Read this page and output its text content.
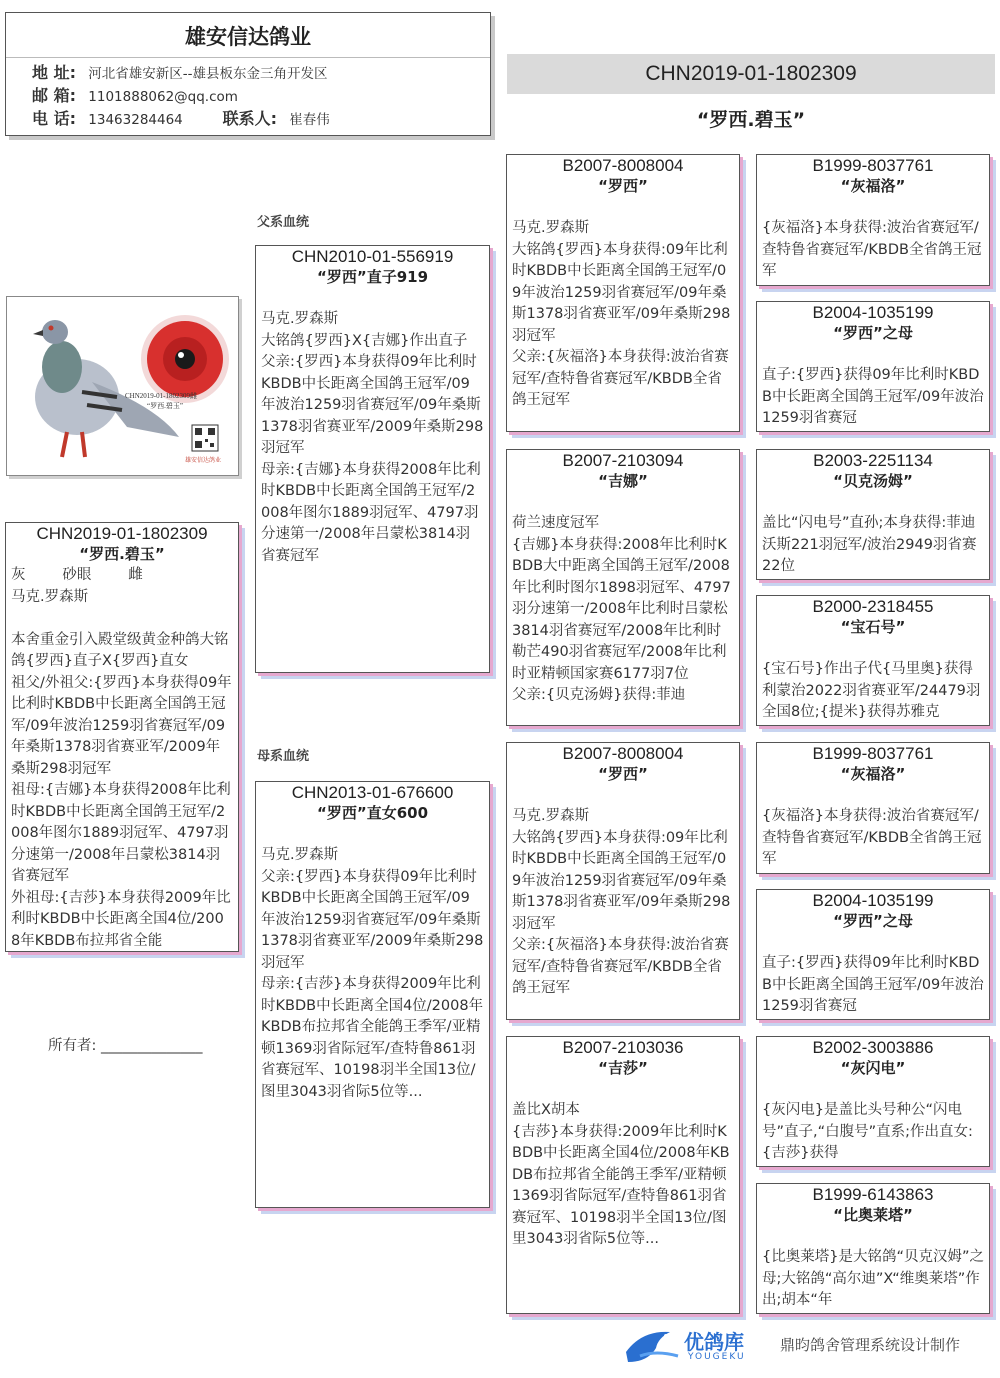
雄安信达鸽业
地 址: 河北省雄安新区--雄县板东金三角开发区
邮 箱: 1101888062@qq.com
电 话: 13463284464 联系人: 崔春伟
CHN2019-01-1802309
“罗西.碧玉”
父系血统
母系血统
CHN2019-01-1802309雌
“罗西.碧玉”
雄安信达鸽业
CHN2019-01-1802309
“罗西.碧玉”
灰        砂眼        雌
马克.罗森斯

本舍重金引入殿堂级黄金种鸽大铭鸽{罗西}直子X{罗西}直女
祖父/外祖父:{罗西}本身获得09年比利时KBDB中长距离全国鸽王冠军/09年波治1259羽省赛冠军/09年桑斯1378羽省赛亚军/2009年桑斯298羽冠军
祖母:{吉娜}本身获得2008年比利时KBDB中长距离全国鸽王冠军/2008年图尔1889羽冠军、4797羽分速第一/2008年吕蒙松3814羽省赛冠军
外祖母:{吉莎}本身获得2009年比利时KBDB中长距离全国4位/2008年KBDB布拉邦省全能
所有者: ______________
CHN2010-01-556919
“罗西”直子919
马克.罗森斯
大铭鸽{罗西}X{吉娜}作出直子
父亲:{罗西}本身获得09年比利时KBDB中长距离全国鸽王冠军/09年波治1259羽省赛冠军/09年桑斯1378羽省赛亚军/2009年桑斯298羽冠军
母亲:{吉娜}本身获得2008年比利时KBDB中长距离全国鸽王冠军/2008年图尔1889羽冠军、4797羽分速第一/2008年吕蒙松3814羽省赛冠军
CHN2013-01-676600
“罗西”直女600
马克.罗森斯
父亲:{罗西}本身获得09年比利时KBDB中长距离全国鸽王冠军/09年波治1259羽省赛冠军/09年桑斯1378羽省赛亚军/2009年桑斯298羽冠军
母亲:{吉莎}本身获得2009年比利时KBDB中长距离全国4位/2008年KBDB布拉邦省全能鸽王季军/亚精顿1369羽省际冠军/查特鲁861羽省赛冠军、10198羽半全国13位/图里3043羽省际5位等...
B2007-8008004
“罗西”
马克.罗森斯
大铭鸽{罗西}本身获得:09年比利时KBDB中长距离全国鸽王冠军/09年波治1259羽省赛冠军/09年桑斯1378羽省赛亚军/09年桑斯298羽冠军
父亲:{灰福洛}本身获得:波治省赛冠军/查特鲁省赛冠军/KBDB全省鸽王冠军
B2007-2103094
“吉娜”
荷兰速度冠军
{吉娜}本身获得:2008年比利时KBDB大中距离全国鸽王冠军/2008年比利时图尔1898羽冠军、4797羽分速第一/2008年比利时吕蒙松3814羽省赛冠军/2008年比利时勒芒490羽省赛冠军/2008年比利时亚精顿国家赛6177羽7位
父亲:{贝克汤姆}获得:菲迪
B2007-8008004
“罗西”
马克.罗森斯
大铭鸽{罗西}本身获得:09年比利时KBDB中长距离全国鸽王冠军/09年波治1259羽省赛冠军/09年桑斯1378羽省赛亚军/09年桑斯298羽冠军
父亲:{灰福洛}本身获得:波治省赛冠军/查特鲁省赛冠军/KBDB全省鸽王冠军
B2007-2103036
“吉莎”
盖比X胡本
{吉莎}本身获得:2009年比利时KBDB中长距离全国4位/2008年KBDB布拉邦省全能鸽王季军/亚精顿1369羽省际冠军/查特鲁861羽省赛冠军、10198羽半全国13位/图里3043羽省际5位等...
B1999-8037761
“灰福洛”
{灰福洛}本身获得:波治省赛冠军/查特鲁省赛冠军/KBDB全省鸽王冠军
B2004-1035199
“罗西”之母
直子:{罗西}获得09年比利时KBDB中长距离全国鸽王冠军/09年波治1259羽省赛冠
B2003-2251134
“贝克汤姆”
盖比“闪电号”直孙;本身获得:菲迪沃斯221羽冠军/波治2949羽省赛22位
B2000-2318455
“宝石号”
{宝石号}作出子代{马里奥}获得利蒙治2022羽省赛亚军/24479羽全国8位;{提米}获得苏雅克
B1999-8037761
“灰福洛”
{灰福洛}本身获得:波治省赛冠军/查特鲁省赛冠军/KBDB全省鸽王冠军
B2004-1035199
“罗西”之母
直子:{罗西}获得09年比利时KBDB中长距离全国鸽王冠军/09年波治1259羽省赛冠
B2002-3003886
“灰闪电”
{灰闪电}是盖比头号种公“闪电号”直子,“白腹号”直系;作出直女:{吉莎}获得
B1999-6143863
“比奥莱塔”
{比奥莱塔}是大铭鸽“贝克汉姆”之母;大铭鸽“高尔迪”X“维奥莱塔”作出;胡本“年
优鸽库
YOUGEKU
鼎昀鸽舍管理系统设计制作
